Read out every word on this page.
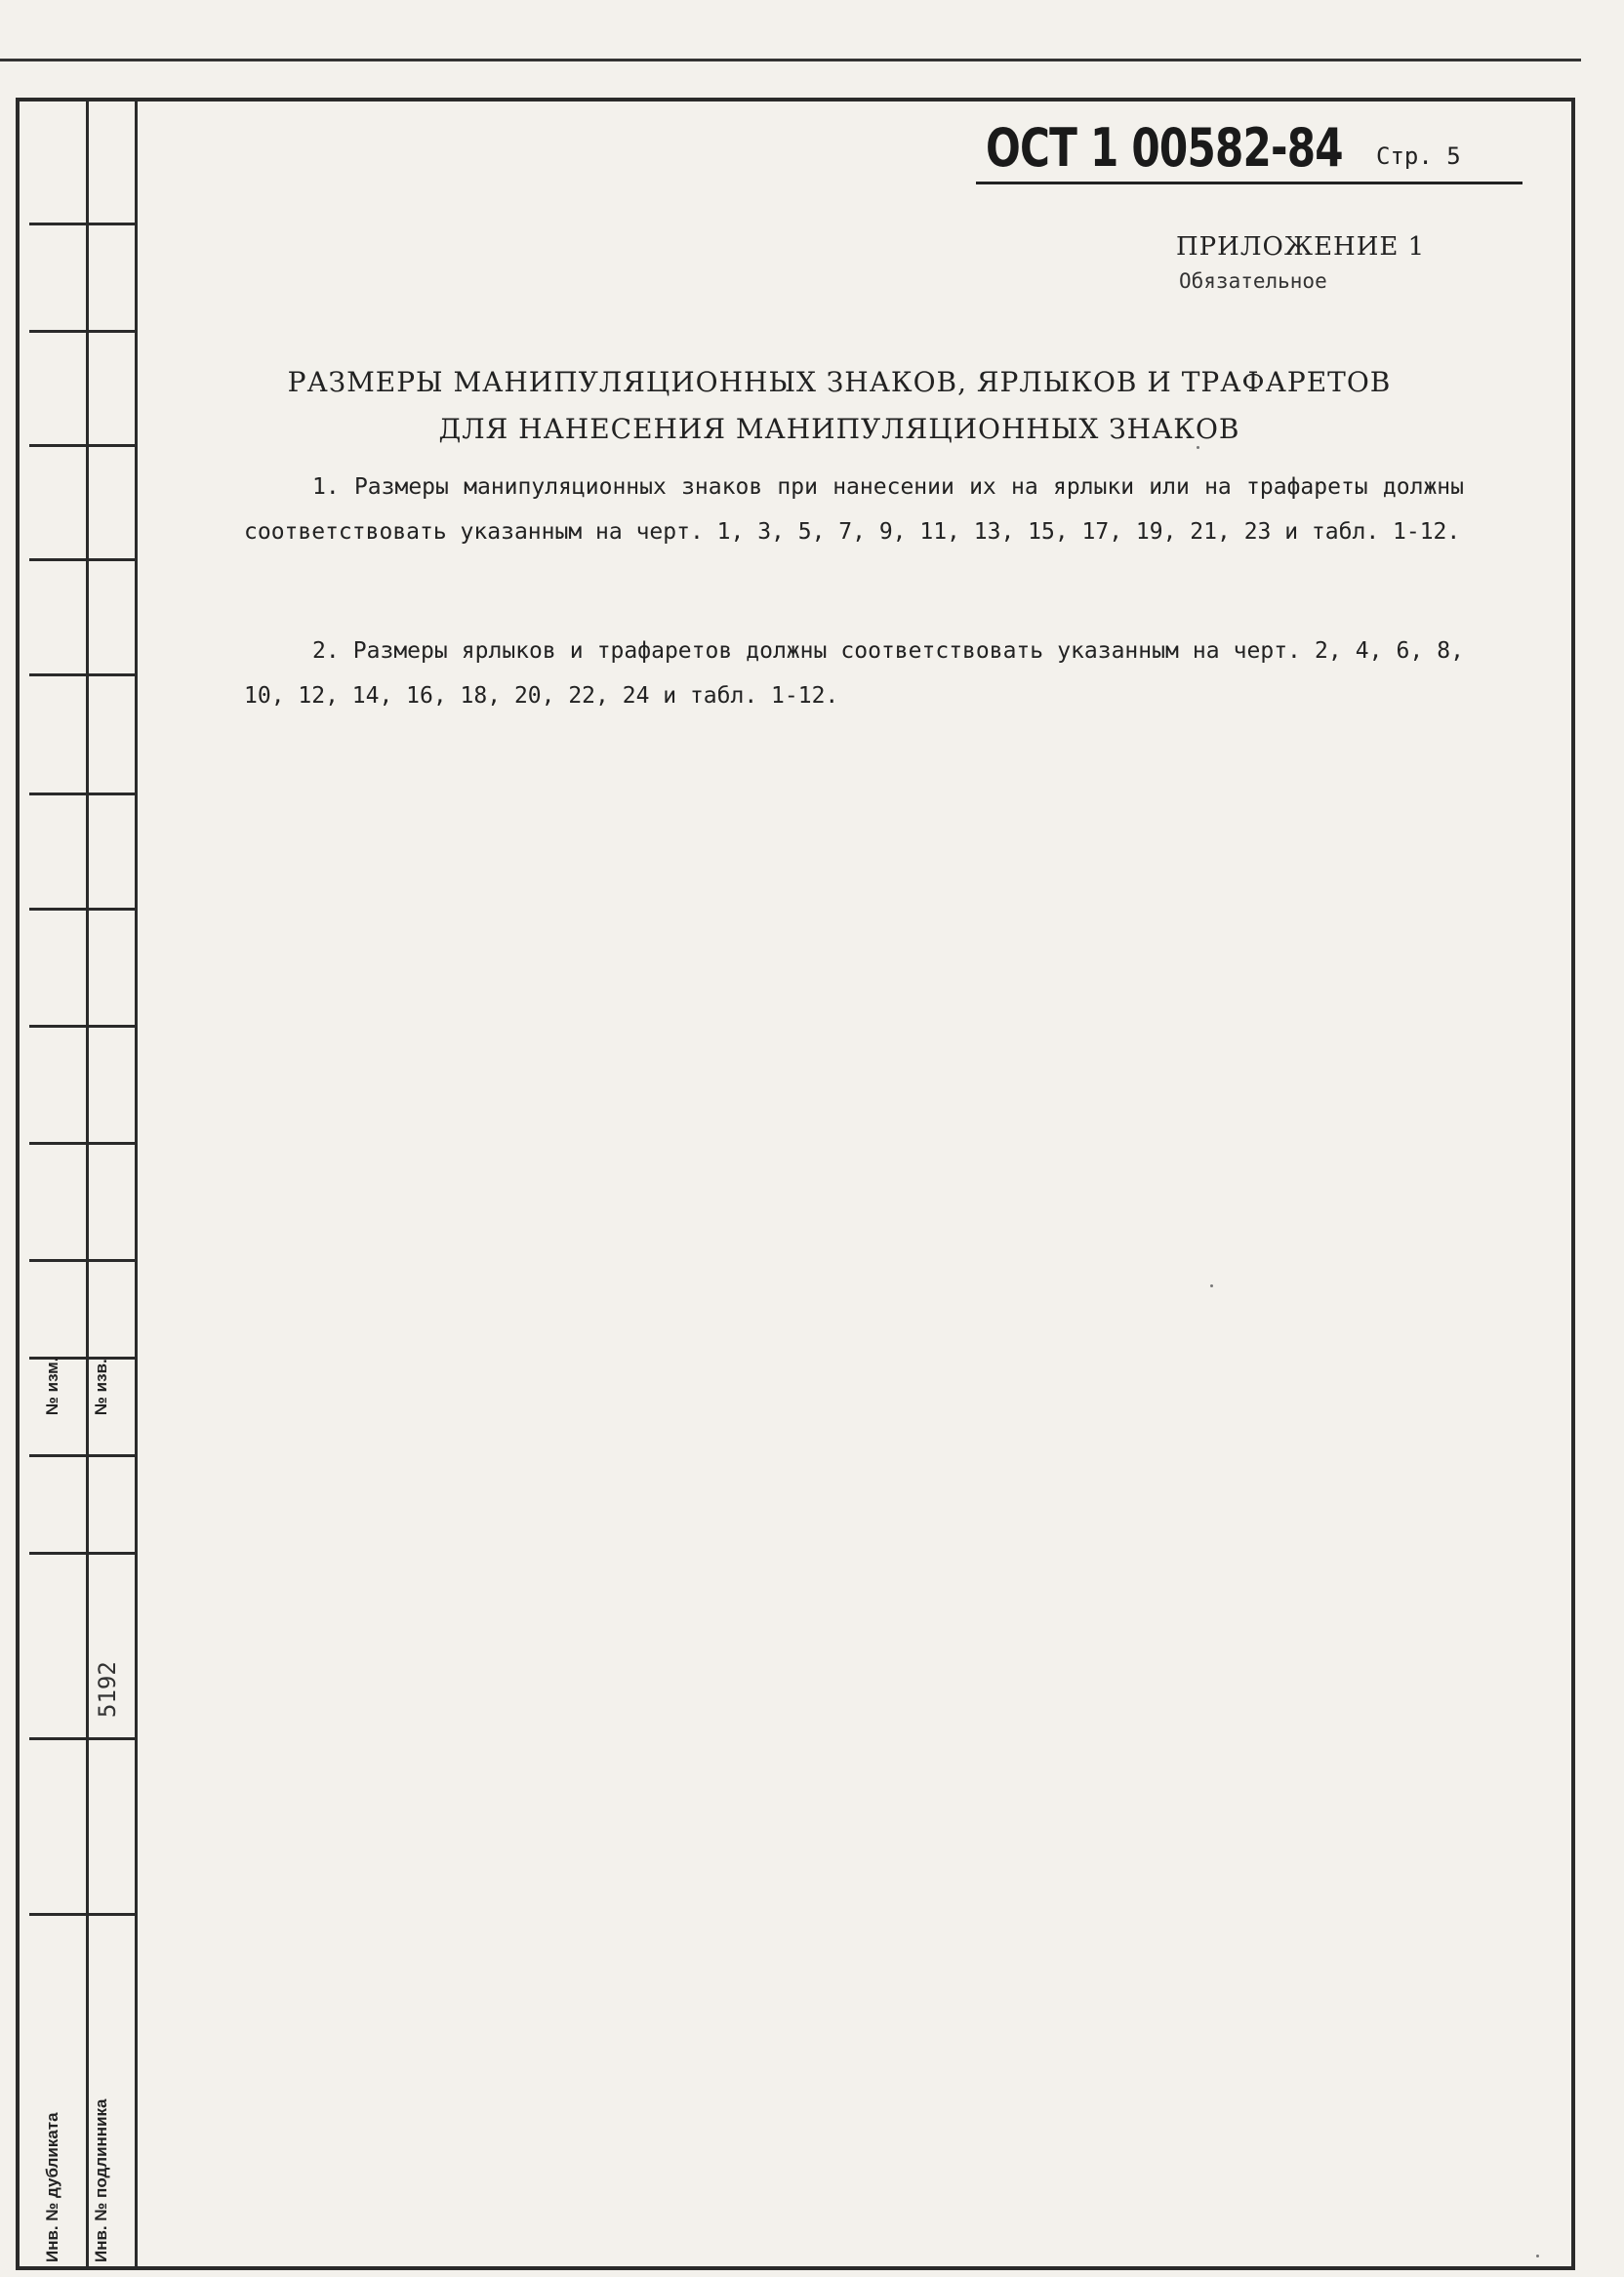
№ изм. № изв.
Инв. № дубликата Инв. № подлинника
5192
ОСТ 1 00582-84 Стр. 5
ПРИЛОЖЕНИЕ 1
Обязательное
РАЗМЕРЫ МАНИПУЛЯЦИОННЫХ ЗНАКОВ, ЯРЛЫКОВ И ТРАФАРЕТОВ
ДЛЯ НАНЕСЕНИЯ МАНИПУЛЯЦИОННЫХ ЗНАКОВ
1. Размеры манипуляционных знаков при нанесении их на ярлыки или на трафареты должны соответствовать указанным на черт. 1, 3, 5, 7, 9, 11, 13, 15, 17, 19, 21, 23 и табл. 1-12.
2. Размеры ярлыков и трафаретов должны соответствовать указанным на черт. 2, 4, 6, 8, 10, 12, 14, 16, 18, 20, 22, 24 и табл. 1-12.
